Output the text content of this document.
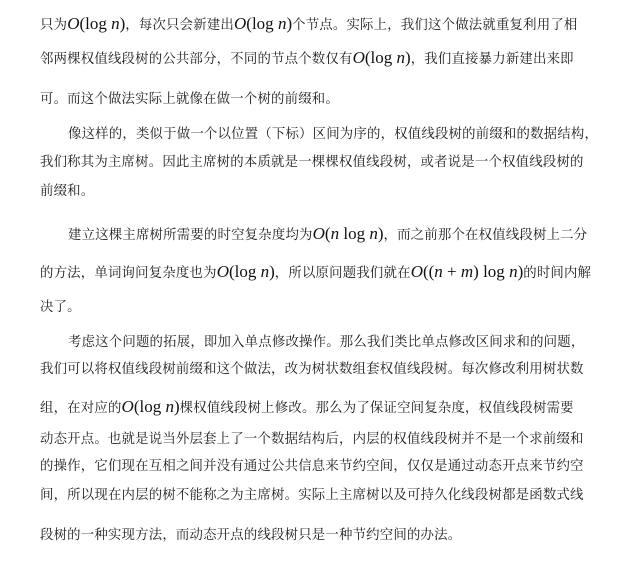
只为O(log n)，每次只会新建出O(log n)个节点。实际上，我们这个做法就重复利用了相
邻两棵权值线段树的公共部分，不同的节点个数仅有O(log n)，我们直接暴力新建出来即
可。而这个做法实际上就像在做一个树的前缀和。
像这样的，类似于做一个以位置（下标）区间为序的，权值线段树的前缀和的数据结构，
我们称其为主席树。因此主席树的本质就是一棵棵权值线段树，或者说是一个权值线段树的
前缀和。
建立这棵主席树所需要的时空复杂度均为O(n log n)，而之前那个在权值线段树上二分
的方法，单词询问复杂度也为O(log n)，所以原问题我们就在O((n + m) log n)的时间内解
决了。
考虑这个问题的拓展，即加入单点修改操作。那么我们类比单点修改区间求和的问题，
我们可以将权值线段树前缀和这个做法，改为树状数组套权值线段树。每次修改利用树状数
组，在对应的O(log n)棵权值线段树上修改。那么为了保证空间复杂度，权值线段树需要
动态开点。也就是说当外层套上了一个数据结构后，内层的权值线段树并不是一个求前缀和
的操作，它们现在互相之间并没有通过公共信息来节约空间，仅仅是通过动态开点来节约空
间，所以现在内层的树不能称之为主席树。实际上主席树以及可持久化线段树都是函数式线
段树的一种实现方法，而动态开点的线段树只是一种节约空间的办法。
